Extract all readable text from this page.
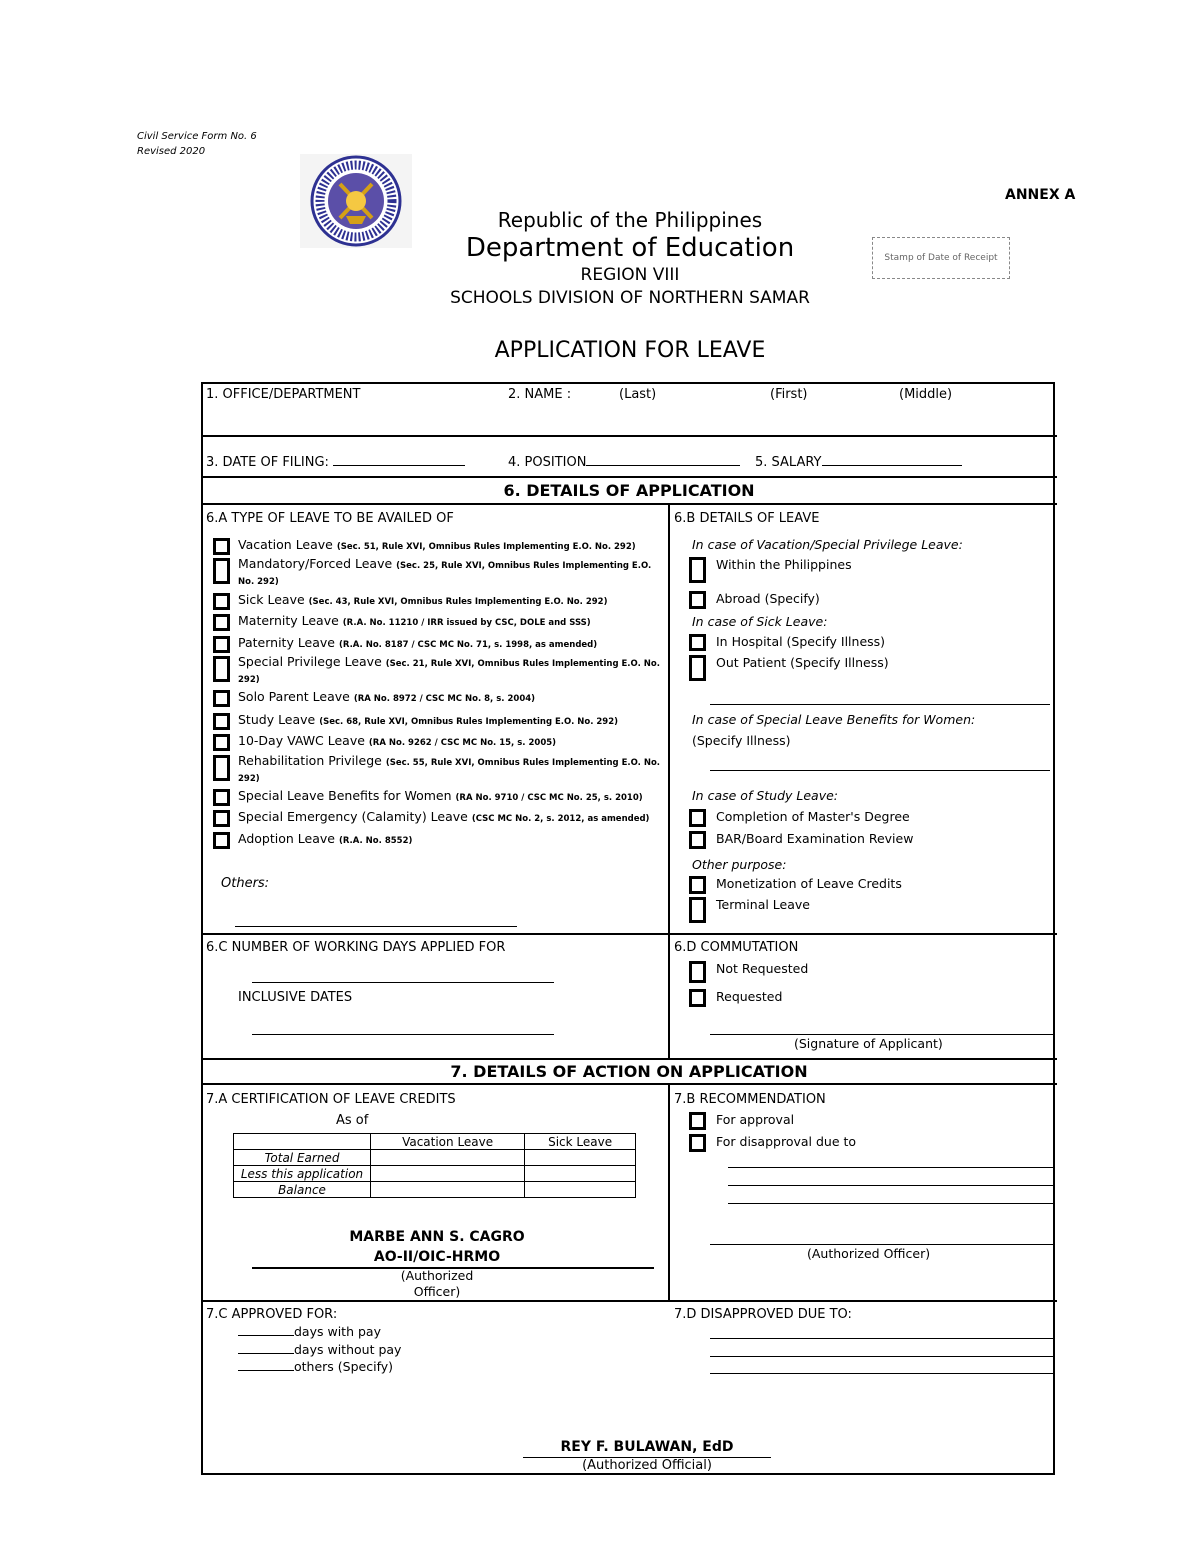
Civil Service Form No. 6
Revised 2020
ANNEX A
Republic of the Philippines
Department of Education
REGION VIII
SCHOOLS DIVISION OF NORTHERN SAMAR
Stamp of Date of Receipt
APPLICATION FOR LEAVE
1. OFFICE/DEPARTMENT	2. NAME :	(Last)	(First)	(Middle)
3. DATE OF FILING:	4. POSITION	5. SALARY
6. DETAILS OF APPLICATION
6.A TYPE OF LEAVE TO BE AVAILED OF
Vacation Leave (Sec. 51, Rule XVI, Omnibus Rules Implementing E.O. No. 292)
Mandatory/Forced Leave (Sec. 25, Rule XVI, Omnibus Rules Implementing E.O. No. 292)
Sick Leave (Sec. 43, Rule XVI, Omnibus Rules Implementing E.O. No. 292)
Maternity Leave (R.A. No. 11210 / IRR issued by CSC, DOLE and SSS)
Paternity Leave (R.A. No. 8187 / CSC MC No. 71, s. 1998, as amended)
Special Privilege Leave (Sec. 21, Rule XVI, Omnibus Rules Implementing E.O. No. 292)
Solo Parent Leave (RA No. 8972 / CSC MC No. 8, s. 2004)
Study Leave (Sec. 68, Rule XVI, Omnibus Rules Implementing E.O. No. 292)
10-Day VAWC Leave (RA No. 9262 / CSC MC No. 15, s. 2005)
Rehabilitation Privilege (Sec. 55, Rule XVI, Omnibus Rules Implementing E.O. No. 292)
Special Leave Benefits for Women (RA No. 9710 / CSC MC No. 25, s. 2010)
Special Emergency (Calamity) Leave (CSC MC No. 2, s. 2012, as amended)
Adoption Leave (R.A. No. 8552)
Others:
6.B DETAILS OF LEAVE
In case of Vacation/Special Privilege Leave:
Within the Philippines
Abroad (Specify)
In case of Sick Leave:
In Hospital (Specify Illness)
Out Patient (Specify Illness)
In case of Special Leave Benefits for Women:
(Specify Illness)
In case of Study Leave:
Completion of Master's Degree
BAR/Board Examination Review
Other purpose:
Monetization of Leave Credits
Terminal Leave
6.C NUMBER OF WORKING DAYS APPLIED FOR
INCLUSIVE DATES
6.D COMMUTATION
Not Requested
Requested
(Signature of Applicant)
7. DETAILS OF ACTION ON APPLICATION
7.A CERTIFICATION OF LEAVE CREDITS
As of
	Vacation Leave	Sick Leave
Total Earned		
Less this application		
Balance		
MARBE ANN S. CAGRO
AO-II/OIC-HRMO
(Authorized Officer)
7.B RECOMMENDATION
For approval
For disapproval due to
(Authorized Officer)
7.C APPROVED FOR:
days with pay
days without pay
others (Specify)
7.D DISAPPROVED DUE TO:
REY F. BULAWAN, EdD
(Authorized Official)
